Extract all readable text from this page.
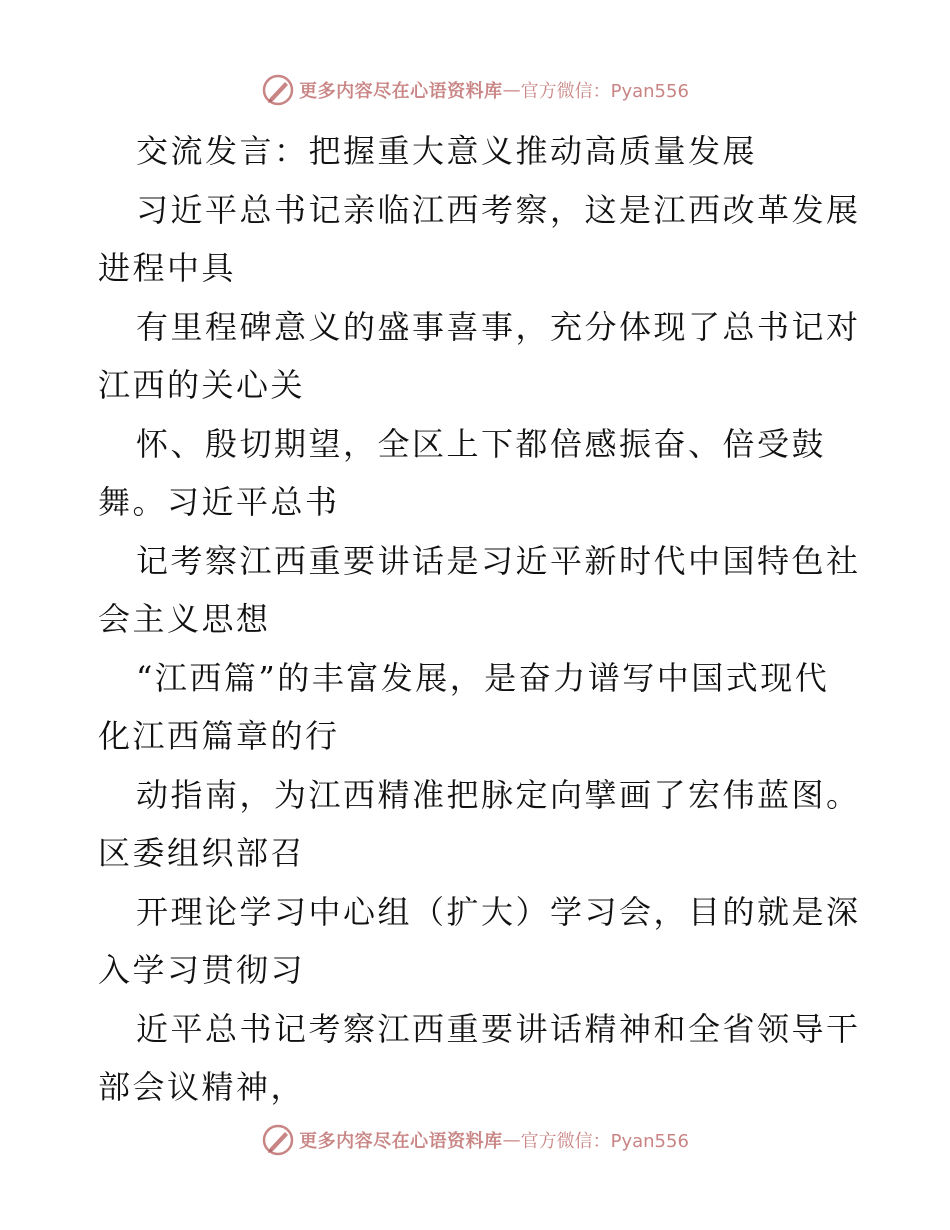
更多内容尽在心语资料库 — 官方微信：Pyan556
交流发言：把握重大意义推动高质量发展
习近平总书记亲临江西考察，这是江西改革发展
进程中具
有里程碑意义的盛事喜事，充分体现了总书记对
江西的关心关
怀、殷切期望，全区上下都倍感振奋、倍受鼓
舞。习近平总书
记考察江西重要讲话是习近平新时代中国特色社
会主义思想
“江西篇”的丰富发展，是奋力谱写中国式现代
化江西篇章的行
动指南，为江西精准把脉定向擘画了宏伟蓝图。
区委组织部召
开理论学习中心组（扩大）学习会，目的就是深
入学习贯彻习
近平总书记考察江西重要讲话精神和全省领导干
部会议精神，
更多内容尽在心语资料库 — 官方微信：Pyan556
